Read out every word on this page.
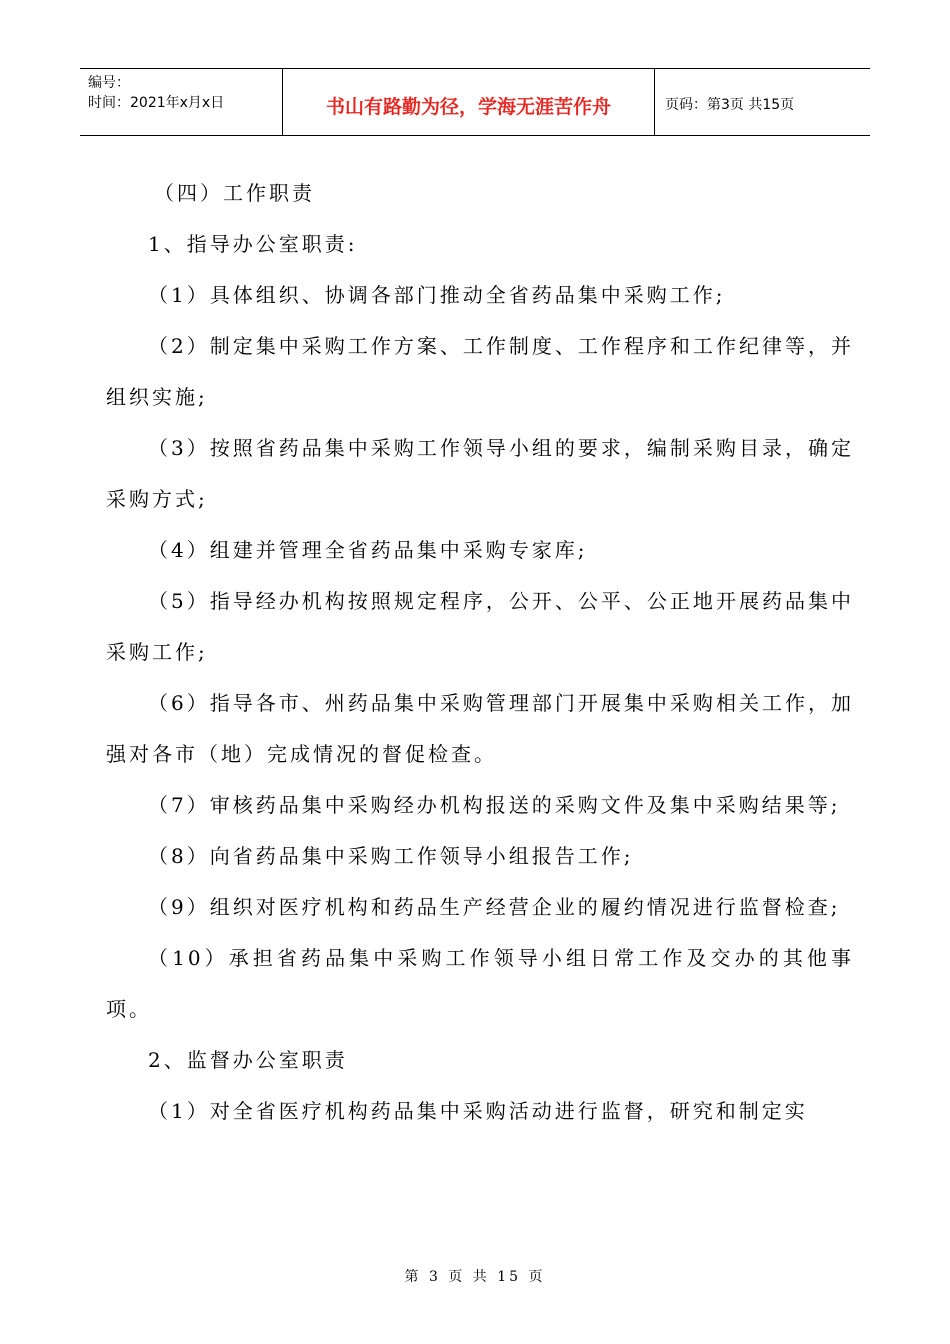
编号：
时间：2021年x月x日	书山有路勤为径，学海无涯苦作舟	页码：第3页 共15页

（四）工作职责

1、指导办公室职责:

（1）具体组织、协调各部门推动全省药品集中采购工作;

（2）制定集中采购工作方案、工作制度、工作程序和工作纪律等，并组织实施;

（3）按照省药品集中采购工作领导小组的要求，编制采购目录，确定采购方式;

（4）组建并管理全省药品集中采购专家库;

（5）指导经办机构按照规定程序，公开、公平、公正地开展药品集中采购工作;

（6）指导各市、州药品集中采购管理部门开展集中采购相关工作，加强对各市（地）完成情况的督促检查。

（7）审核药品集中采购经办机构报送的采购文件及集中采购结果等;

（8）向省药品集中采购工作领导小组报告工作;

（9）组织对医疗机构和药品生产经营企业的履约情况进行监督检查;

（10）承担省药品集中采购工作领导小组日常工作及交办的其他事项。

2、监督办公室职责

（1）对全省医疗机构药品集中采购活动进行监督，研究和制定实

第 3 页 共 15 页
